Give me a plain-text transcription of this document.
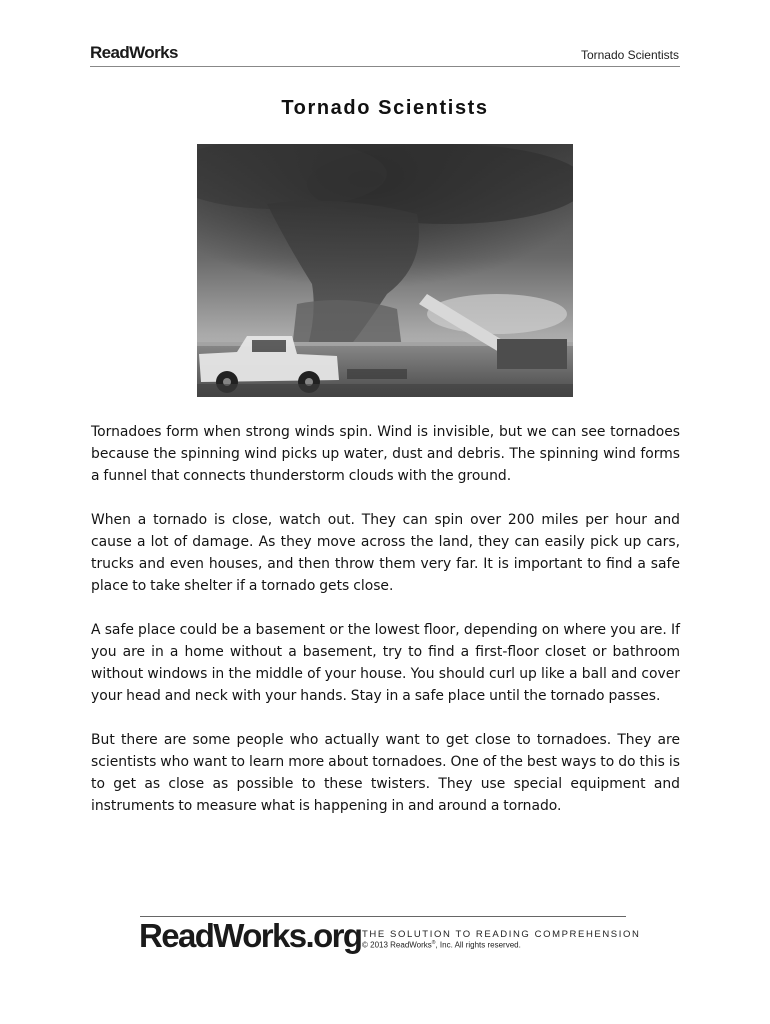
ReadWorks	Tornado Scientists
Tornado Scientists

Tornadoes form when strong winds spin. Wind is invisible, but we can see tornadoes because the spinning wind picks up water, dust and debris. The spinning wind forms a funnel that connects thunderstorm clouds with the ground.

When a tornado is close, watch out. They can spin over 200 miles per hour and cause a lot of damage. As they move across the land, they can easily pick up cars, trucks and even houses, and then throw them very far. It is important to find a safe place to take shelter if a tornado gets close.

A safe place could be a basement or the lowest floor, depending on where you are. If you are in a home without a basement, try to find a first-floor closet or bathroom without windows in the middle of your house. You should curl up like a ball and cover your head and neck with your hands. Stay in a safe place until the tornado passes.

But there are some people who actually want to get close to tornadoes. They are scientists who want to learn more about tornadoes. One of the best ways to do this is to get as close as possible to these twisters. They use special equipment and instruments to measure what is happening in and around a tornado.

ReadWorks.org THE SOLUTION TO READING COMPREHENSION
© 2013 ReadWorks®, Inc. All rights reserved.
